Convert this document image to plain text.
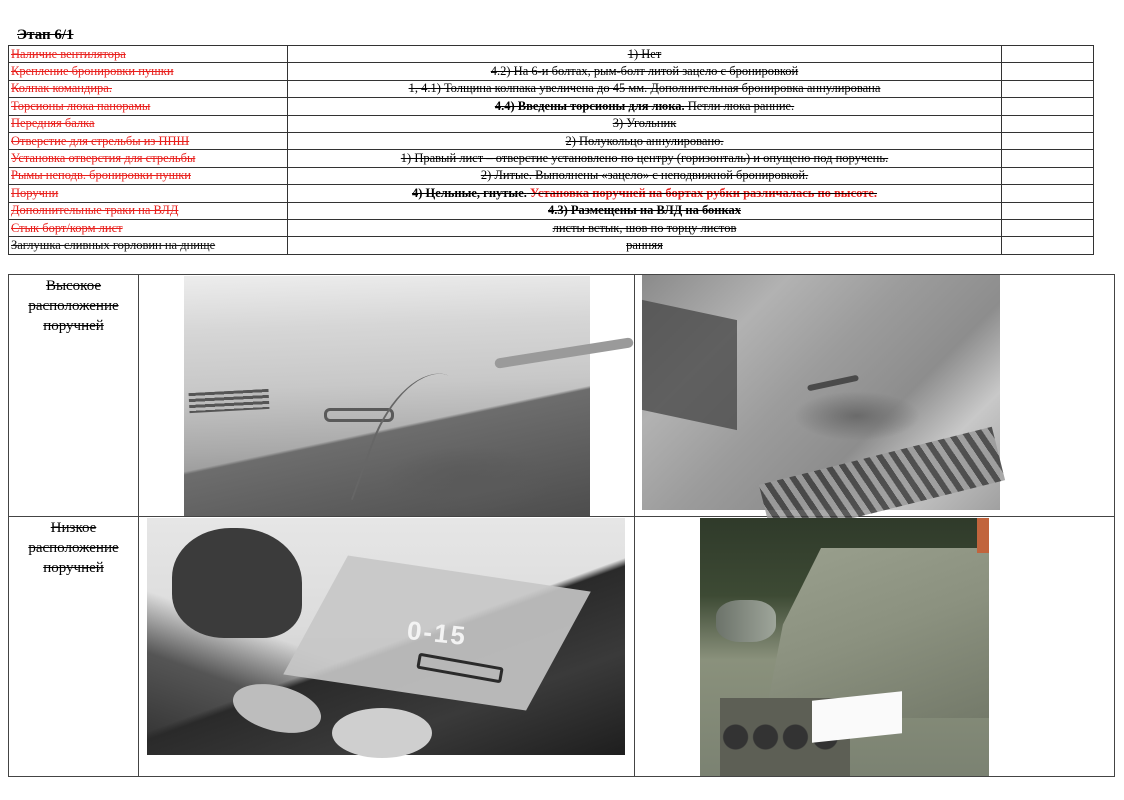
Этап 6/1
Наличие вентилятора	1) Нет	
Крепление бронировки пушки	4.2) На 6-и болтах, рым-болт литой зацело с бронировкой	
Колпак командира.	1, 4.1) Толщина колпака увеличена до 45 мм. Дополнительная бронировка аннулирована	
Торсионы люка панорамы	4.4) Введены торсионы для люка. Петли люка ранние.	
Передняя балка	3) Угольник	
Отверстие для стрельбы из ППШ	2) Полукольцо аннулировано.	
Установка отверстия для стрельбы	1) Правый лист – отверстие установлено по центру (горизонталь) и опущено под поручень.	
Рымы неподв. бронировки пушки	2) Литые. Выполнены «зацело» с неподвижной бронировкой.	
Поручни	4) Цельные, гнутые. Установка поручней на бортах рубки различалась по высоте.	
Дополнительные траки на ВЛД	4.3) Размещены на ВЛД на бонках	
Стык борт/корм лист	листы встык, шов по торцу листов	
Заглушка сливных горловин на днище	ранняя	
Высокое расположение поручней		

Низкое расположение поручней	0-15	
